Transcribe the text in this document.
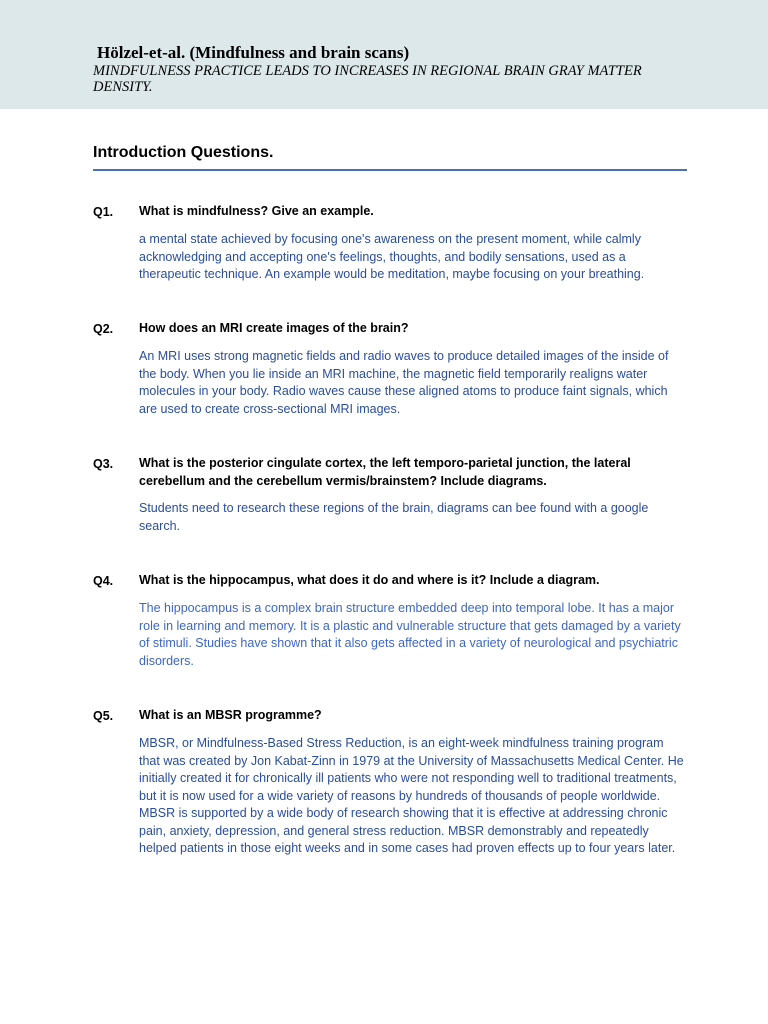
Hölzel-et-al. (Mindfulness and brain scans)

MINDFULNESS PRACTICE LEADS TO INCREASES IN REGIONAL BRAIN GRAY MATTER DENSITY.

Introduction Questions.
Q1. What is mindfulness? Give an example.
a mental state achieved by focusing one's awareness on the present moment, while calmly acknowledging and accepting one's feelings, thoughts, and bodily sensations, used as a therapeutic technique. An example would be meditation, maybe focusing on your breathing.
Q2. How does an MRI create images of the brain?
An MRI uses strong magnetic fields and radio waves to produce detailed images of the inside of the body. When you lie inside an MRI machine, the magnetic field temporarily realigns water molecules in your body. Radio waves cause these aligned atoms to produce faint signals, which are used to create cross-sectional MRI images.
Q3. What is the posterior cingulate cortex, the left temporo-parietal junction, the lateral cerebellum and the cerebellum vermis/brainstem? Include diagrams.
Students need to research these regions of the brain, diagrams can bee found with a google search.
Q4. What is the hippocampus, what does it do and where is it? Include a diagram.
The hippocampus is a complex brain structure embedded deep into temporal lobe. It has a major role in learning and memory. It is a plastic and vulnerable structure that gets damaged by a variety of stimuli. Studies have shown that it also gets affected in a variety of neurological and psychiatric disorders.
Q5. What is an MBSR programme?
MBSR, or Mindfulness-Based Stress Reduction, is an eight-week mindfulness training program that was created by Jon Kabat-Zinn in 1979 at the University of Massachusetts Medical Center. He initially created it for chronically ill patients who were not responding well to traditional treatments, but it is now used for a wide variety of reasons by hundreds of thousands of people worldwide. MBSR is supported by a wide body of research showing that it is effective at addressing chronic pain, anxiety, depression, and general stress reduction. MBSR demonstrably and repeatedly helped patients in those eight weeks and in some cases had proven effects up to four years later.
